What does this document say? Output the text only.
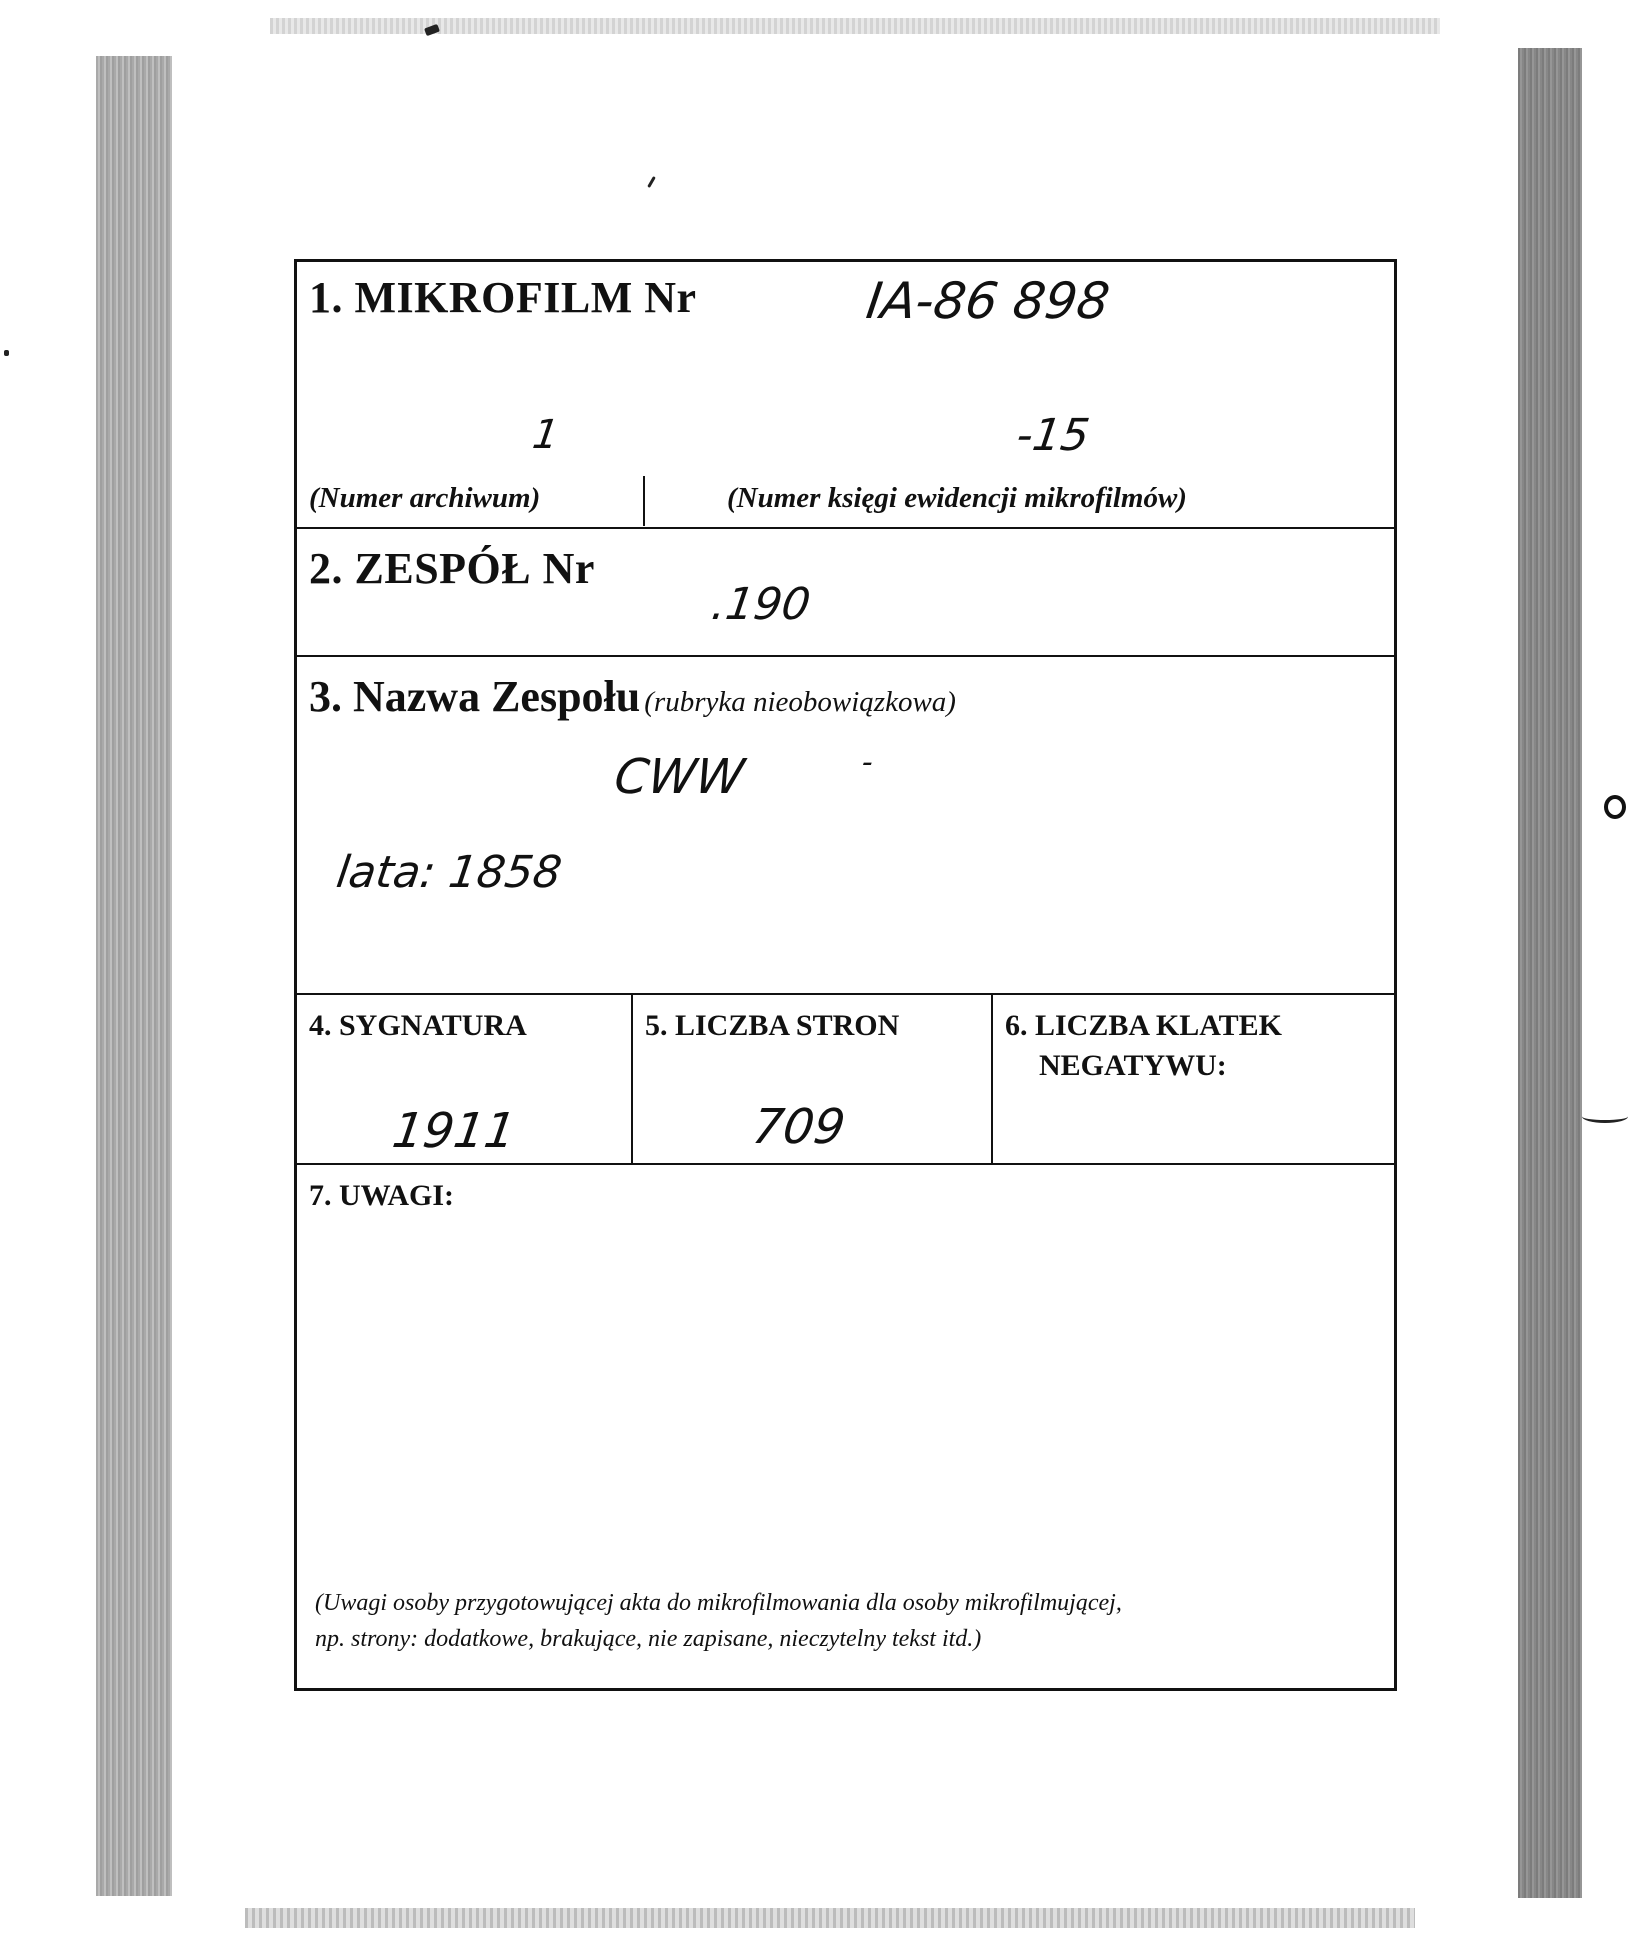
1. MIKROFILM Nr	IA-86 898
1	-15
(Numer archiwum)	(Numer księgi ewidencji mikrofilmów)
2. ZESPÓŁ Nr
.190
3. Nazwa Zespołu (rubryka nieobowiązkowa)
CWW	-
lata: 1858
4. SYGNATURA
1911
5. LICZBA STRON
709
6. LICZBA KLATEK
NEGATYWU:
7. UWAGI:
(Uwagi osoby przygotowującej akta do mikrofilmowania dla osoby mikrofilmującej,
np. strony: dodatkowe, brakujące, nie zapisane, nieczytelny tekst itd.)
